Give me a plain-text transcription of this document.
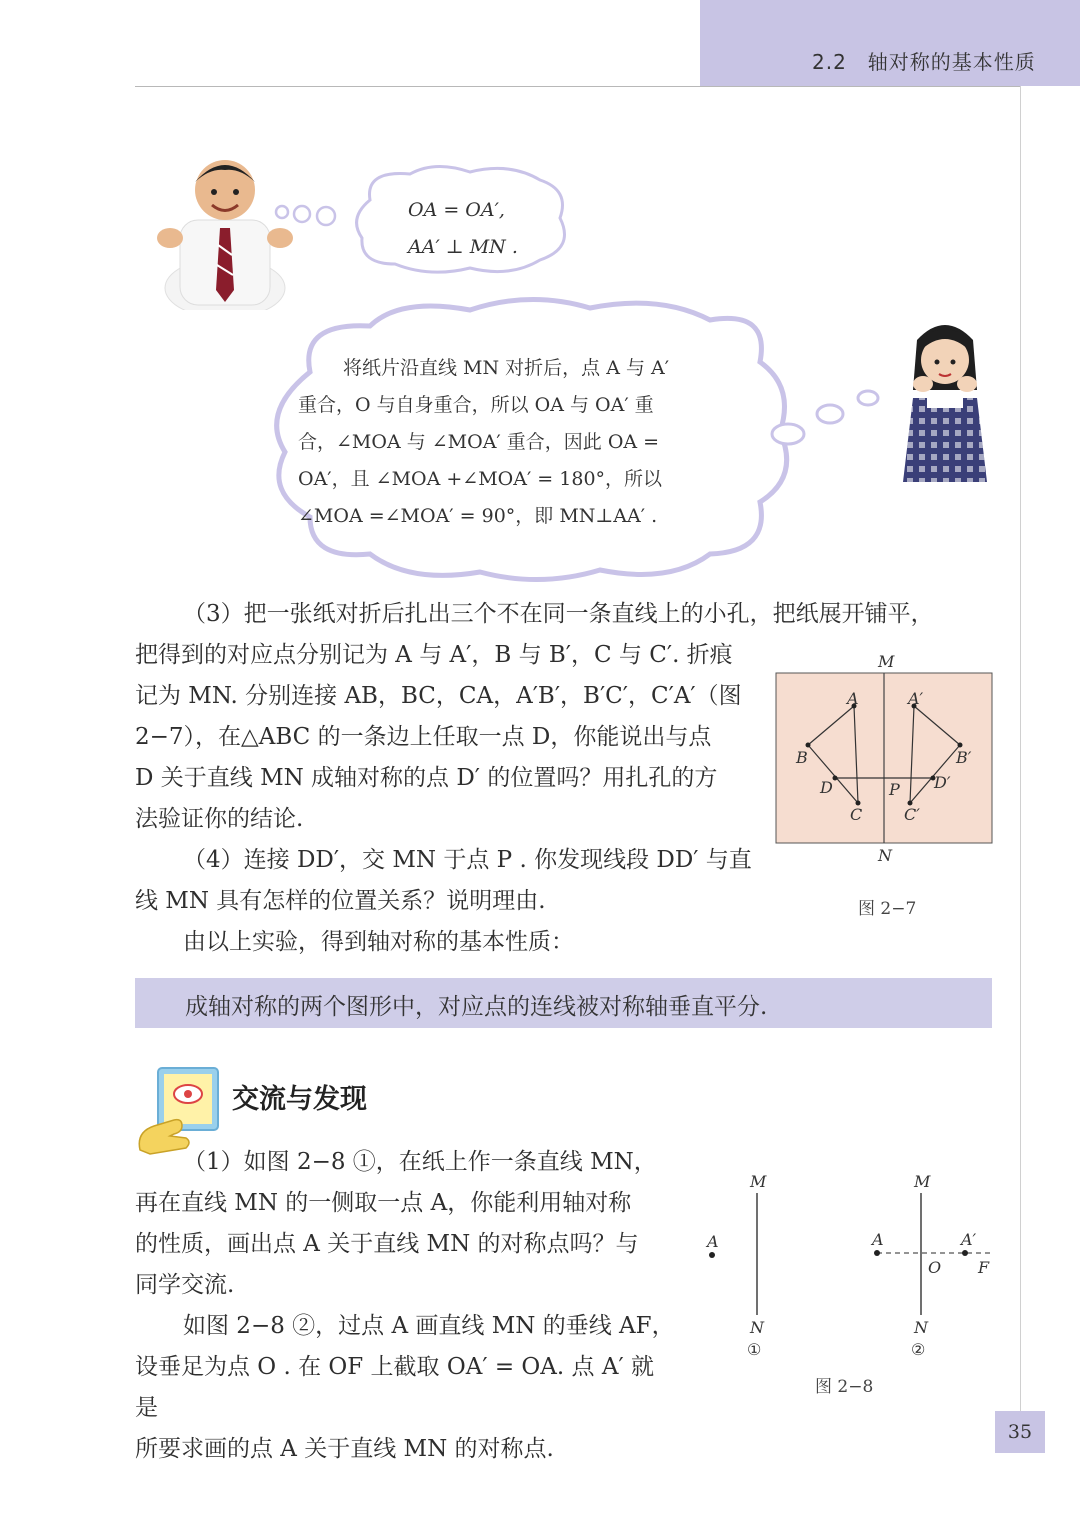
2.2　轴对称的基本性质
OA = OA′,
AA′ ⊥ MN .
将纸片沿直线 MN 对折后，点 A 与 A′
重合，O 与自身重合，所以 OA 与 OA′ 重
合，∠MOA 与 ∠MOA′ 重合，因此 OA =
OA′，且 ∠MOA +∠MOA′ = 180°，所以
∠MOA =∠MOA′ = 90°，即 MN⊥AA′ .

（3）把一张纸对折后扎出三个不在同一条直线上的小孔，把纸展开铺平，

把得到的对应点分别记为 A 与 A′，B 与 B′，C 与 C′. 折痕

记为 MN. 分别连接 AB，BC，CA，A′B′，B′C′，C′A′（图

2−7），在△ABC 的一条边上任取一点 D，你能说出与点

D 关于直线 MN 成轴对称的点 D′ 的位置吗？用扎孔的方

法验证你的结论.

（4）连接 DD′，交 MN 于点 P . 你发现线段 DD′ 与直

线 MN 具有怎样的位置关系？说明理由.

由以上实验，得到轴对称的基本性质：

M
N
A	A′
B	B′
C	C′
D	D′
P
图 2−7
成轴对称的两个图形中，对应点的连线被对称轴垂直平分.
交流与发现

（1）如图 2−8 ①，在纸上作一条直线 MN，

再在直线 MN 的一侧取一点 A，你能利用轴对称

的性质，画出点 A 关于直线 MN 的对称点吗？与

同学交流.

如图 2−8 ②，过点 A 画直线 MN 的垂线 AF，

设垂足为点 O . 在 OF 上截取 OA′ = OA. 点 A′ 就是

所要求画的点 A 关于直线 MN 的对称点.

M
N
A
①
M
N
A	A′
O F
②
图 2−8
35
